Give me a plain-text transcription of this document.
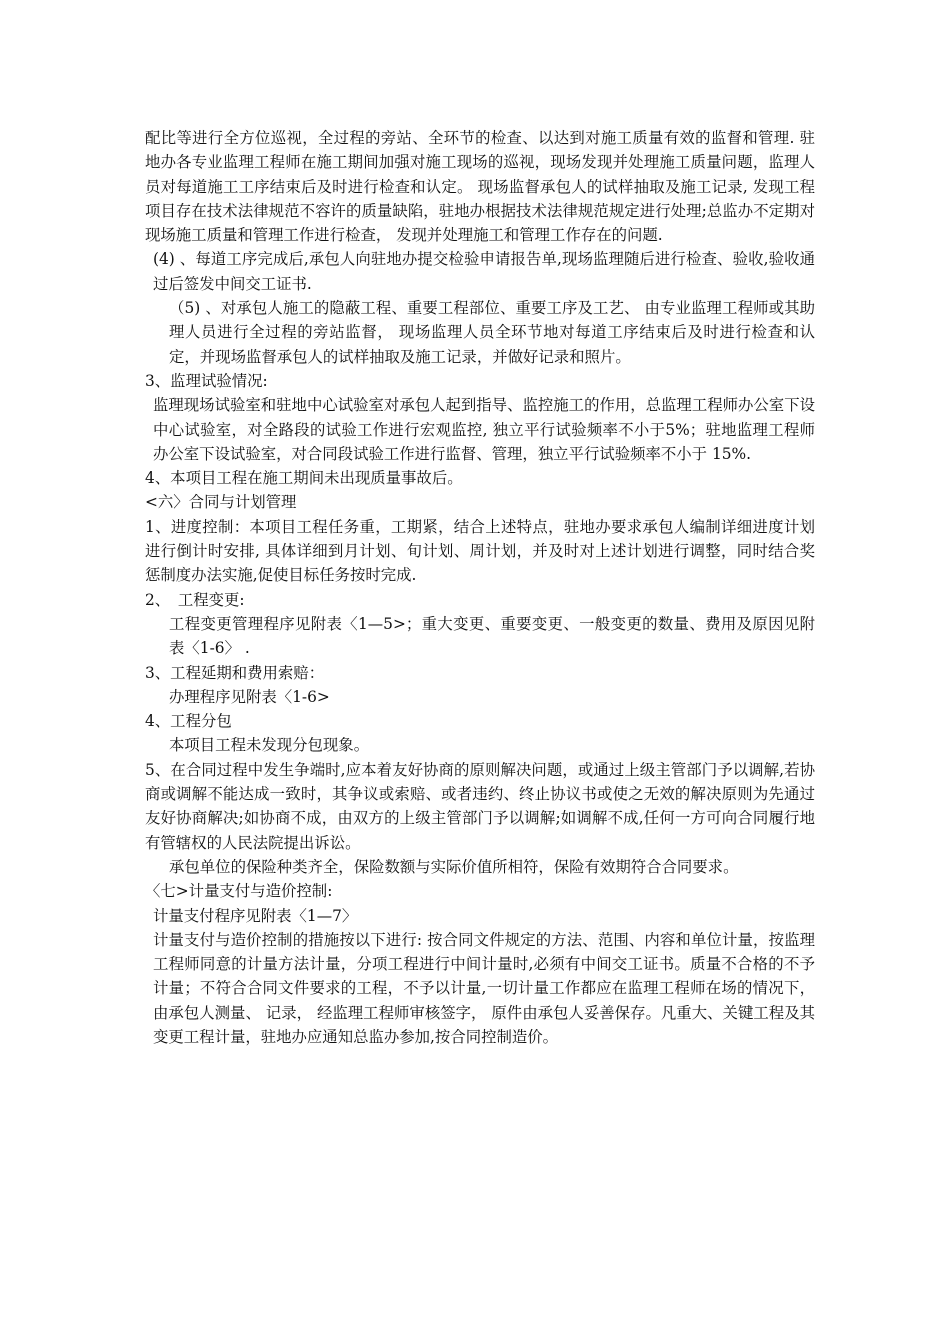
配比等进行全方位巡视，全过程的旁站、全环节的检查、以达到对施工质量有效的监督和管理. 驻地办各专业监理工程师在施工期间加强对施工现场的巡视，现场发现并处理施工质量问题，监理人员对每道施工工序结束后及时进行检查和认定。 现场监督承包人的试样抽取及施工记录, 发现工程项目存在技术法律规范不容许的质量缺陷，驻地办根据技术法律规范规定进行处理;总监办不定期对现场施工质量和管理工作进行检查， 发现并处理施工和管理工作存在的问题.

(4) 、每道工序完成后,承包人向驻地办提交检验申请报告单,现场监理随后进行检查、验收,验收通过后签发中间交工证书.

（5) 、对承包人施工的隐蔽工程、重要工程部位、重要工序及工艺、 由专业监理工程师或其助理人员进行全过程的旁站监督， 现场监理人员全环节地对每道工序结束后及时进行检查和认定，并现场监督承包人的试样抽取及施工记录，并做好记录和照片。

3、监理试验情况:

监理现场试验室和驻地中心试验室对承包人起到指导、监控施工的作用，总监理工程师办公室下设中心试验室，对全路段的试验工作进行宏观监控, 独立平行试验频率不小于5%；驻地监理工程师办公室下设试验室，对合同段试验工作进行监督、管理，独立平行试验频率不小于 15%.

4、本项目工程在施工期间未出现质量事故后。

<六〉合同与计划管理

1、进度控制：本项目工程任务重，工期紧，结合上述特点，驻地办要求承包人编制详细进度计划进行倒计时安排, 具体详细到月计划、旬计划、周计划，并及时对上述计划进行调整，同时结合奖惩制度办法实施,促使目标任务按时完成.

2、　工程变更:

工程变更管理程序见附表〈1—5>；重大变更、重要变更、一般变更的数量、费用及原因见附表〈1-6〉 .

3、工程延期和费用索赔：

办理程序见附表〈1-6>

4、工程分包

本项目工程未发现分包现象。

5、在合同过程中发生争端时,应本着友好协商的原则解决问题，或通过上级主管部门予以调解,若协商或调解不能达成一致时，其争议或索赔、或者违约、终止协议书或使之无效的解决原则为先通过友好协商解决;如协商不成，由双方的上级主管部门予以调解;如调解不成,任何一方可向合同履行地有管辖权的人民法院提出诉讼。

承包单位的保险种类齐全，保险数额与实际价值所相符，保险有效期符合合同要求。

〈七>计量支付与造价控制:

计量支付程序见附表〈1—7〉

计量支付与造价控制的措施按以下进行: 按合同文件规定的方法、范围、内容和单位计量，按监理工程师同意的计量方法计量，分项工程进行中间计量时,必须有中间交工证书。质量不合格的不予计量；不符合合同文件要求的工程，不予以计量,一切计量工作都应在监理工程师在场的情况下，由承包人测量、 记录， 经监理工程师审核签字， 原件由承包人妥善保存。凡重大、关键工程及其变更工程计量，驻地办应通知总监办参加,按合同控制造价。
